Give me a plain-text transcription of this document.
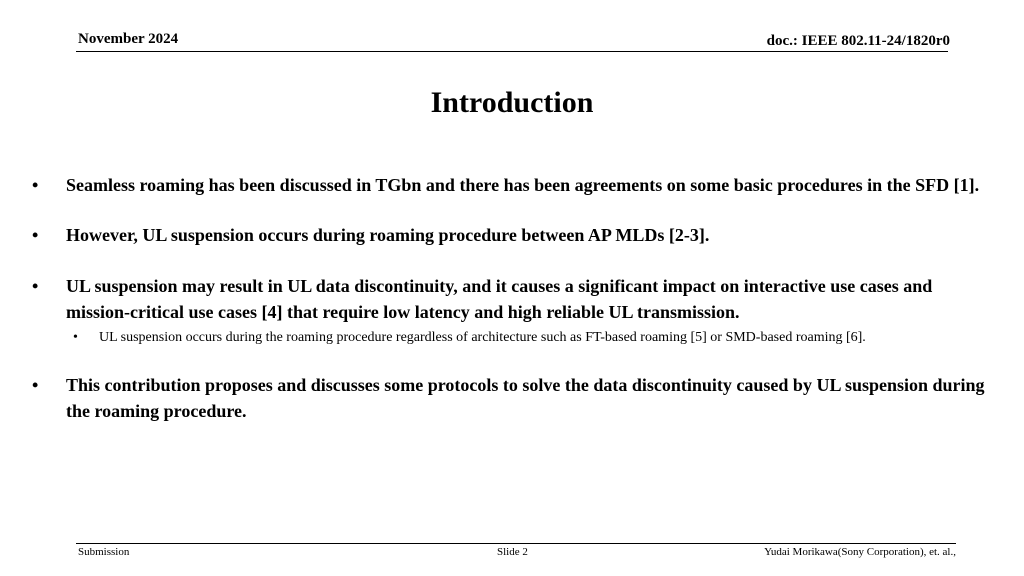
November 2024	doc.: IEEE 802.11-24/1820r0
Introduction
• Seamless roaming has been discussed in TGbn and there has been agreements on some basic procedures in the SFD [1].
• However, UL suspension occurs during roaming procedure between AP MLDs [2-3].
• UL suspension may result in UL data discontinuity, and it causes a significant impact on interactive use cases and mission-critical use cases [4] that require low latency and high reliable UL transmission.
• UL suspension occurs during the roaming procedure regardless of architecture such as FT-based roaming [5] or SMD-based roaming [6].
• This contribution proposes and discusses some protocols to solve the data discontinuity caused by UL suspension during the roaming procedure.
Submission	Slide 2	Yudai Morikawa(Sony Corporation), et. al.,
